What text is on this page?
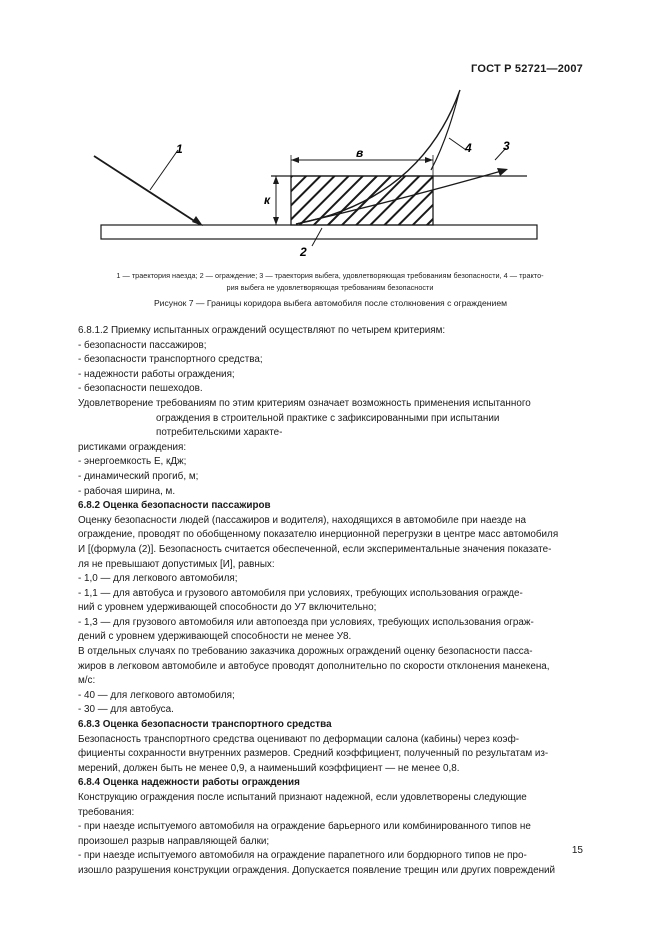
ГОСТ Р 52721—2007
1
2
3
4
в
к
1 — траектория наезда; 2 — ограждение; 3 — траектория выбега, удовлетворяющая требованиям безопасности, 4 — тракто-
рия выбега не удовлетворяющая требованиям безопасности
Рисунок 7 — Границы коридора выбега автомобиля после столкновения с ограждением
6.8.1.2 Приемку испытанных ограждений осуществляют по четырем критериям:
- безопасности пассажиров;
- безопасности транспортного средства;
- надежности работы ограждения;
- безопасности пешеходов.
Удовлетворение требованиям по этим критериям означает возможность применения испытанного
ограждения в строительной практике с зафиксированными при испытании потребительскими характе-
ристиками ограждения:
- энергоемкость Е, кДж;
- динамический прогиб, м;
- рабочая ширина, м.
6.8.2 Оценка безопасности пассажиров
Оценку безопасности людей (пассажиров и водителя), находящихся в автомобиле при наезде на
ограждение, проводят по обобщенному показателю инерционной перегрузки в центре масс автомобиля
И [(формула (2)]. Безопасность считается обеспеченной, если экспериментальные значения показате-
ля не превышают допустимых [И], равных:
- 1,0 — для легкового автомобиля;
- 1,1 — для автобуса и грузового автомобиля при условиях, требующих использования огражде-
ний с уровнем удерживающей способности до У7 включительно;
- 1,3 — для грузового автомобиля или автопоезда при условиях, требующих использования ограж-
дений с уровнем удерживающей способности не менее У8.
В отдельных случаях по требованию заказчика дорожных ограждений оценку безопасности пасса-
жиров в легковом автомобиле и автобусе проводят дополнительно по скорости отклонения манекена,
м/с:
- 40 — для легкового автомобиля;
- 30 — для автобуса.
6.8.3 Оценка безопасности транспортного средства
Безопасность транспортного средства оценивают по деформации салона (кабины) через коэф-
фициенты сохранности внутренних размеров. Средний коэффициент, полученный по результатам из-
мерений, должен быть не менее 0,9, а наименьший коэффициент — не менее 0,8.
6.8.4 Оценка надежности работы ограждения
Конструкцию ограждения после испытаний признают надежной, если удовлетворены следующие
требования:
- при наезде испытуемого автомобиля на ограждение барьерного или комбинированного типов не
произошел разрыв направляющей балки;
- при наезде испытуемого автомобиля на ограждение парапетного или бордюрного типов не про-
изошло разрушения конструкции ограждения. Допускается появление трещин или других повреждений
15
